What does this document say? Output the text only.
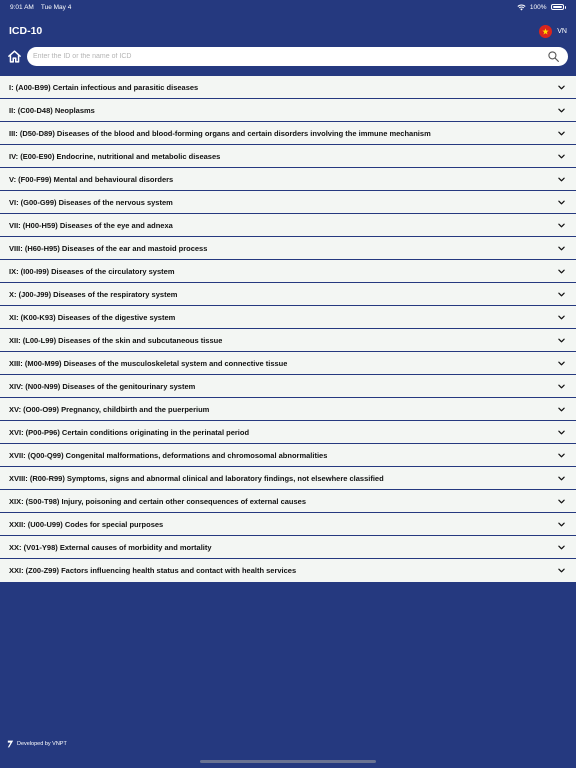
9:01 AM Tue May 4	100%
ICD-10	VN
Enter the ID or the name of ICD
I: (A00-B99) Certain infectious and parasitic diseases
II: (C00-D48) Neoplasms
III: (D50-D89) Diseases of the blood and blood-forming organs and certain disorders involving the immune mechanism
IV: (E00-E90) Endocrine, nutritional and metabolic diseases
V: (F00-F99) Mental and behavioural disorders
VI: (G00-G99) Diseases of the nervous system
VII: (H00-H59) Diseases of the eye and adnexa
VIII: (H60-H95) Diseases of the ear and mastoid process
IX: (I00-I99) Diseases of the circulatory system
X: (J00-J99) Diseases of the respiratory system
XI: (K00-K93) Diseases of the digestive system
XII: (L00-L99) Diseases of the skin and subcutaneous tissue
XIII: (M00-M99) Diseases of the musculoskeletal system and connective tissue
XIV: (N00-N99) Diseases of the genitourinary system
XV: (O00-O99) Pregnancy, childbirth and the puerperium
XVI: (P00-P96) Certain conditions originating in the perinatal period
XVII: (Q00-Q99) Congenital malformations, deformations and chromosomal abnormalities
XVIII: (R00-R99) Symptoms, signs and abnormal clinical and laboratory findings, not elsewhere classified
XIX: (S00-T98) Injury, poisoning and certain other consequences of external causes
XXII: (U00-U99) Codes for special purposes
XX: (V01-Y98) External causes of morbidity and mortality
XXI: (Z00-Z99) Factors influencing health status and contact with health services
Developed by VNPT
